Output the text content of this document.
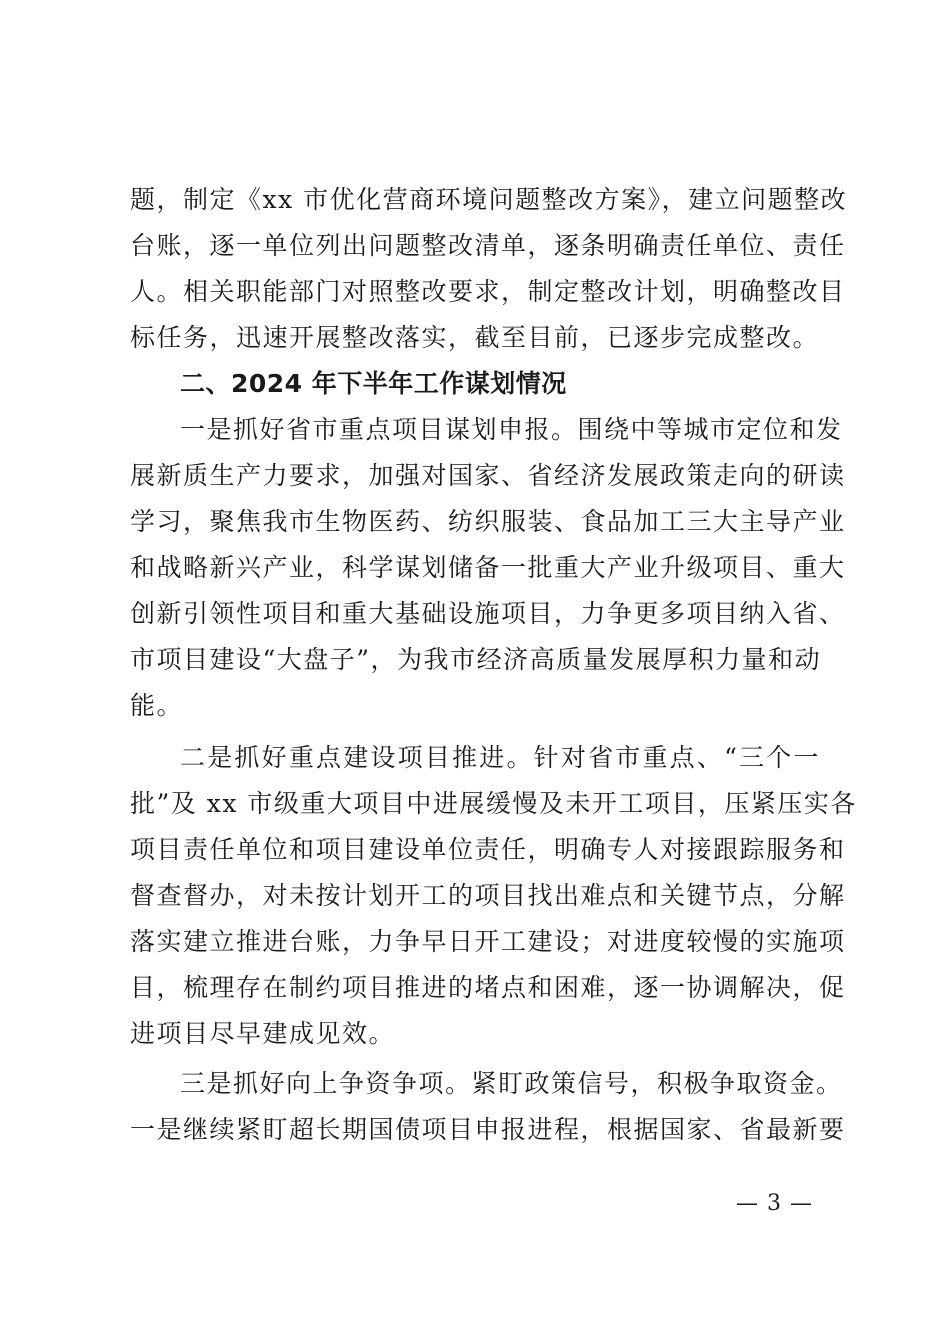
题，制定《xx 市优化营商环境问题整改方案》，建立问题整改
台账，逐一单位列出问题整改清单，逐条明确责任单位、责任
人。相关职能部门对照整改要求，制定整改计划，明确整改目
标任务，迅速开展整改落实，截至目前，已逐步完成整改。
二、2024 年下半年工作谋划情况
一是抓好省市重点项目谋划申报。围绕中等城市定位和发
展新质生产力要求，加强对国家、省经济发展政策走向的研读
学习，聚焦我市生物医药、纺织服装、食品加工三大主导产业
和战略新兴产业，科学谋划储备一批重大产业升级项目、重大
创新引领性项目和重大基础设施项目，力争更多项目纳入省、
市项目建设“大盘子”，为我市经济高质量发展厚积力量和动
能。
二是抓好重点建设项目推进。针对省市重点、“三个一
批”及 xx 市级重大项目中进展缓慢及未开工项目，压紧压实各
项目责任单位和项目建设单位责任，明确专人对接跟踪服务和
督查督办，对未按计划开工的项目找出难点和关键节点，分解
落实建立推进台账，力争早日开工建设；对进度较慢的实施项
目，梳理存在制约项目推进的堵点和困难，逐一协调解决，促
进项目尽早建成见效。
三是抓好向上争资争项。紧盯政策信号，积极争取资金。
一是继续紧盯超长期国债项目申报进程，根据国家、省最新要
— 3 —
